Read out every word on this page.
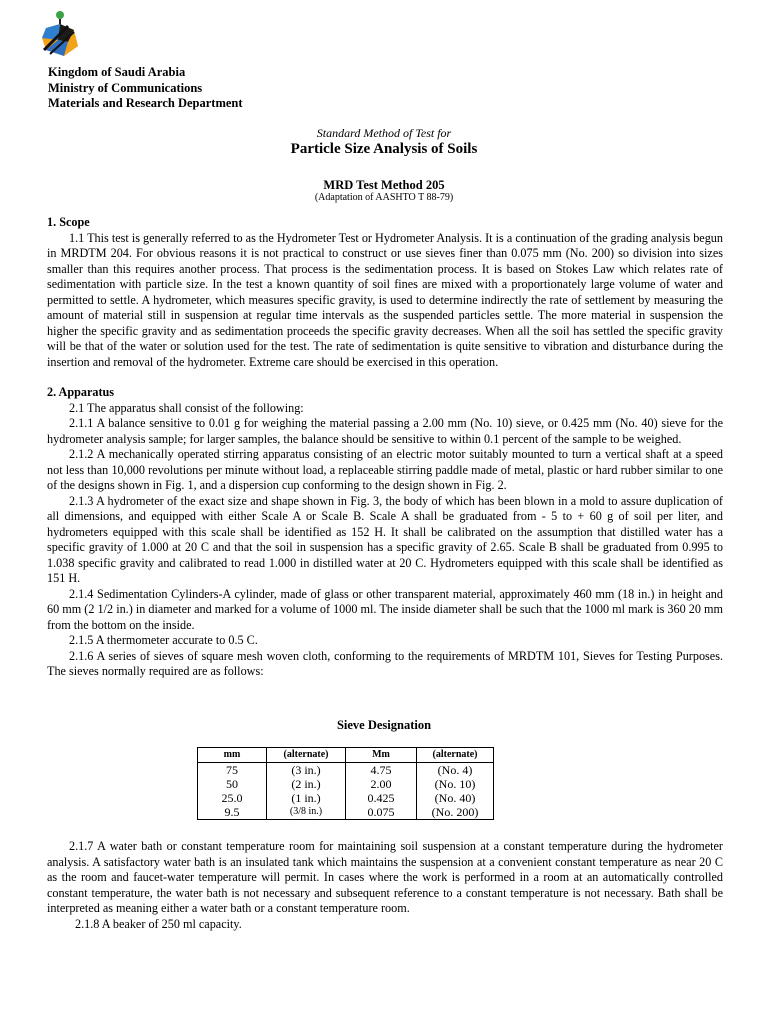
Kingdom of Saudi Arabia
Ministry of Communications
Materials and Research Department
Standard Method of Test for
Particle Size Analysis of Soils
MRD Test Method 205
(Adaptation of AASHTO T 88-79)

1. Scope

1.1 This test is generally referred to as the Hydrometer Test or Hydrometer Analysis. It is a continuation of the grading analysis begun in MRDTM 204. For obvious reasons it is not practical to construct or use sieves finer than 0.075 mm (No. 200) so division into sizes smaller than this requires another process. That process is the sedimentation process. It is based on Stokes Law which relates rate of sedimentation with particle size. In the test a known quantity of soil fines are mixed with a proportionately large volume of water and permitted to settle. A hydrometer, which measures specific gravity, is used to determine indirectly the rate of settlement by measuring the amount of material still in suspension at regular time intervals as the suspended particles settle. The more material in suspension the higher the specific gravity and as sedimentation proceeds the specific gravity decreases. When all the soil has settled the specific gravity will be that of the water or solution used for the test. The rate of sedimentation is quite sensitive to vibration and disturbance during the insertion and removal of the hydrometer. Extreme care should be exercised in this operation.

2. Apparatus

2.1 The apparatus shall consist of the following:

2.1.1 A balance sensitive to 0.01 g for weighing the material passing a 2.00 mm (No. 10) sieve, or 0.425 mm (No. 40) sieve for the hydrometer analysis sample; for larger samples, the balance should be sensitive to within 0.1 percent of the sample to be weighed.

2.1.2 A mechanically operated stirring apparatus consisting of an electric motor suitably mounted to turn a vertical shaft at a speed not less than 10,000 revolutions per minute without load, a replaceable stirring paddle made of metal, plastic or hard rubber similar to one of the designs shown in Fig. 1, and a dispersion cup conforming to the design shown in Fig. 2.

2.1.3 A hydrometer of the exact size and shape shown in Fig. 3, the body of which has been blown in a mold to assure duplication of all dimensions, and equipped with either Scale A or Scale B. Scale A shall be graduated from - 5 to + 60 g of soil per liter, and hydrometers equipped with this scale shall be identified as 152 H. It shall be calibrated on the assumption that distilled water has a specific gravity of 1.000 at 20 C and that the soil in suspension has a specific gravity of 2.65. Scale B shall be graduated from 0.995 to 1.038 specific gravity and calibrated to read 1.000 in distilled water at 20 C. Hydrometers equipped with this scale shall be identified as 151 H.

2.1.4 Sedimentation Cylinders-A cylinder, made of glass or other transparent material, approximately 460 mm (18 in.) in height and 60 mm (2 1/2 in.) in diameter and marked for a volume of 1000 ml. The inside diameter shall be such that the 1000 ml mark is 360 20 mm from the bottom on the inside.

2.1.5 A thermometer accurate to 0.5 C.

2.1.6 A series of sieves of square mesh woven cloth, conforming to the requirements of MRDTM 101, Sieves for Testing Purposes. The sieves normally required are as follows:

Sieve Designation
mm	(alternate)	Mm	(alternate)
75	(3 in.)	4.75	(No. 4)
50	(2 in.)	2.00	(No. 10)
25.0	(1 in.)	0.425	(No. 40)
9.5	(3/8 in.)	0.075	(No. 200)

2.1.7 A water bath or constant temperature room for maintaining soil suspension at a constant temperature during the hydrometer analysis. A satisfactory water bath is an insulated tank which maintains the suspension at a convenient constant temperature as near 20 C as the room and faucet-water temperature will permit. In cases where the work is performed in a room at an automatically controlled constant temperature, the water bath is not necessary and subsequent reference to a constant temperature is not necessary. Bath shall be interpreted as meaning either a water bath or a constant temperature room.

2.1.8 A beaker of 250 ml capacity.
